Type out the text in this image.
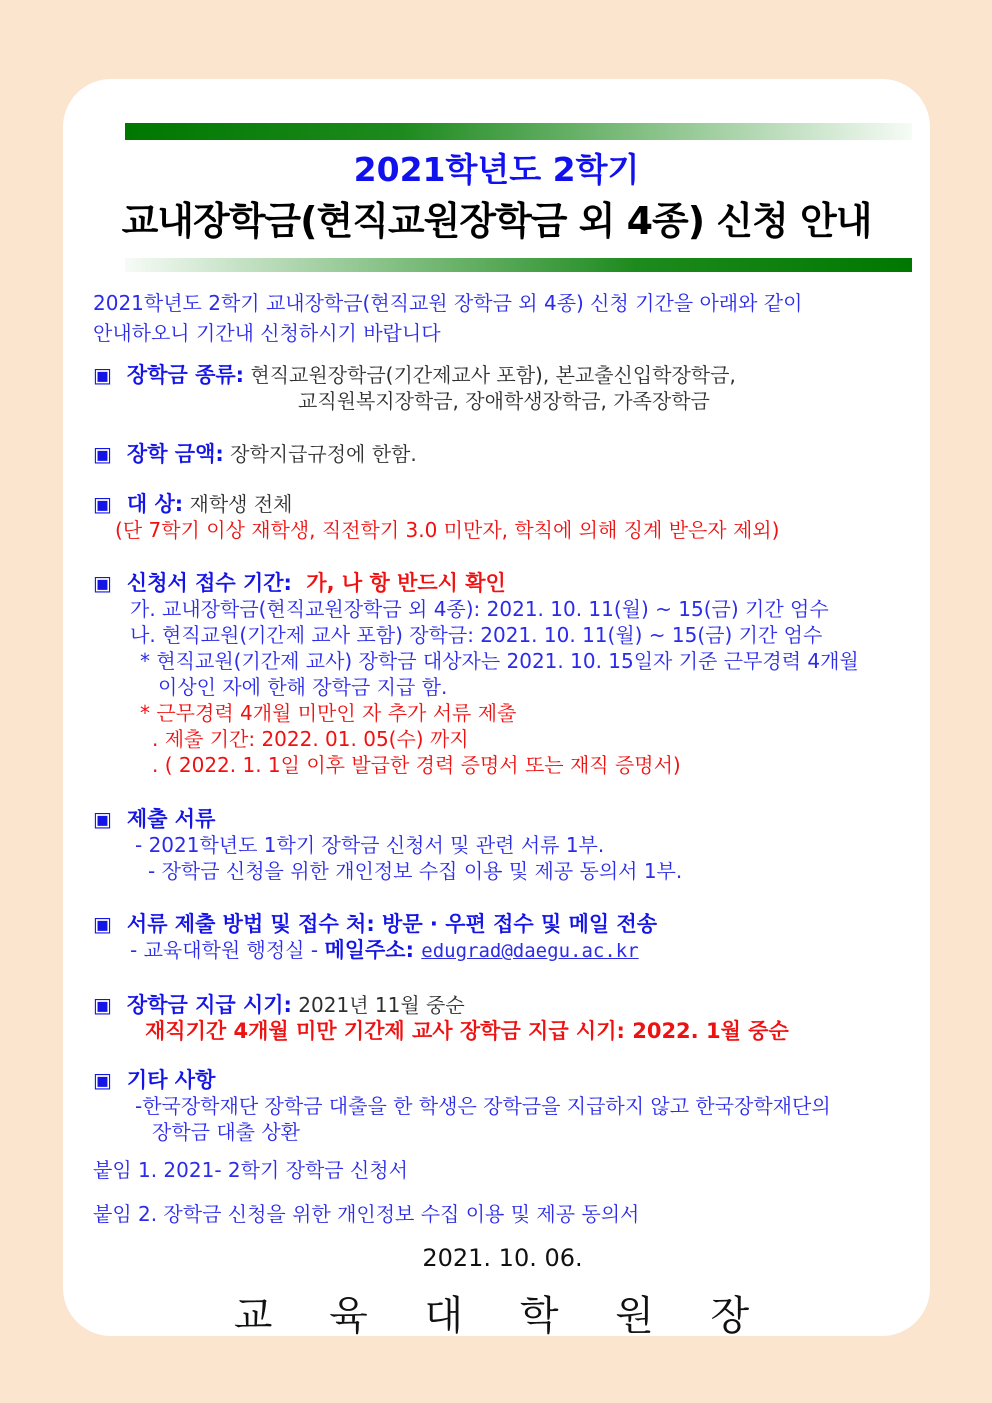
2021학년도 2학기
교내장학금(현직교원장학금 외 4종) 신청 안내
2021학년도 2학기 교내장학금(현직교원 장학금 외 4종) 신청 기간을 아래와 같이
안내하오니 기간내 신청하시기 바랍니다
▣ 장학금 종류: 현직교원장학금(기간제교사 포함), 본교출신입학장학금,
교직원복지장학금, 장애학생장학금, 가족장학금
▣ 장학 금액: 장학지급규정에 한함.
▣ 대 상: 재학생 전체
(단 7학기 이상 재학생, 직전학기 3.0 미만자, 학칙에 의해 징계 받은자 제외)
▣ 신청서 접수 기간: 가, 나 항 반드시 확인
가. 교내장학금(현직교원장학금 외 4종): 2021. 10. 11(월) ~ 15(금) 기간 엄수
나. 현직교원(기간제 교사 포함) 장학금: 2021. 10. 11(월) ~ 15(금) 기간 엄수
* 현직교원(기간제 교사) 장학금 대상자는 2021. 10. 15일자 기준 근무경력 4개월
이상인 자에 한해 장학금 지급 함.
* 근무경력 4개월 미만인 자 추가 서류 제출
. 제출 기간: 2022. 01. 05(수) 까지
. ( 2022. 1. 1일 이후 발급한 경력 증명서 또는 재직 증명서)
▣ 제출 서류
- 2021학년도 1학기 장학금 신청서 및 관련 서류 1부.
- 장학금 신청을 위한 개인정보 수집 이용 및 제공 동의서 1부.
▣ 서류 제출 방법 및 접수 처: 방문 · 우편 접수 및 메일 전송
- 교육대학원 행정실 - 메일주소: edugrad@daegu.ac.kr
▣ 장학금 지급 시기: 2021년 11월 중순
재직기간 4개월 미만 기간제 교사 장학금 지급 시기: 2022. 1월 중순
▣ 기타 사항
-한국장학재단 장학금 대출을 한 학생은 장학금을 지급하지 않고 한국장학재단의
장학금 대출 상환
붙임 1. 2021- 2학기 장학금 신청서
붙임 2. 장학금 신청을 위한 개인정보 수집 이용 및 제공 동의서
2021. 10. 06.
교 육 대 학 원 장
